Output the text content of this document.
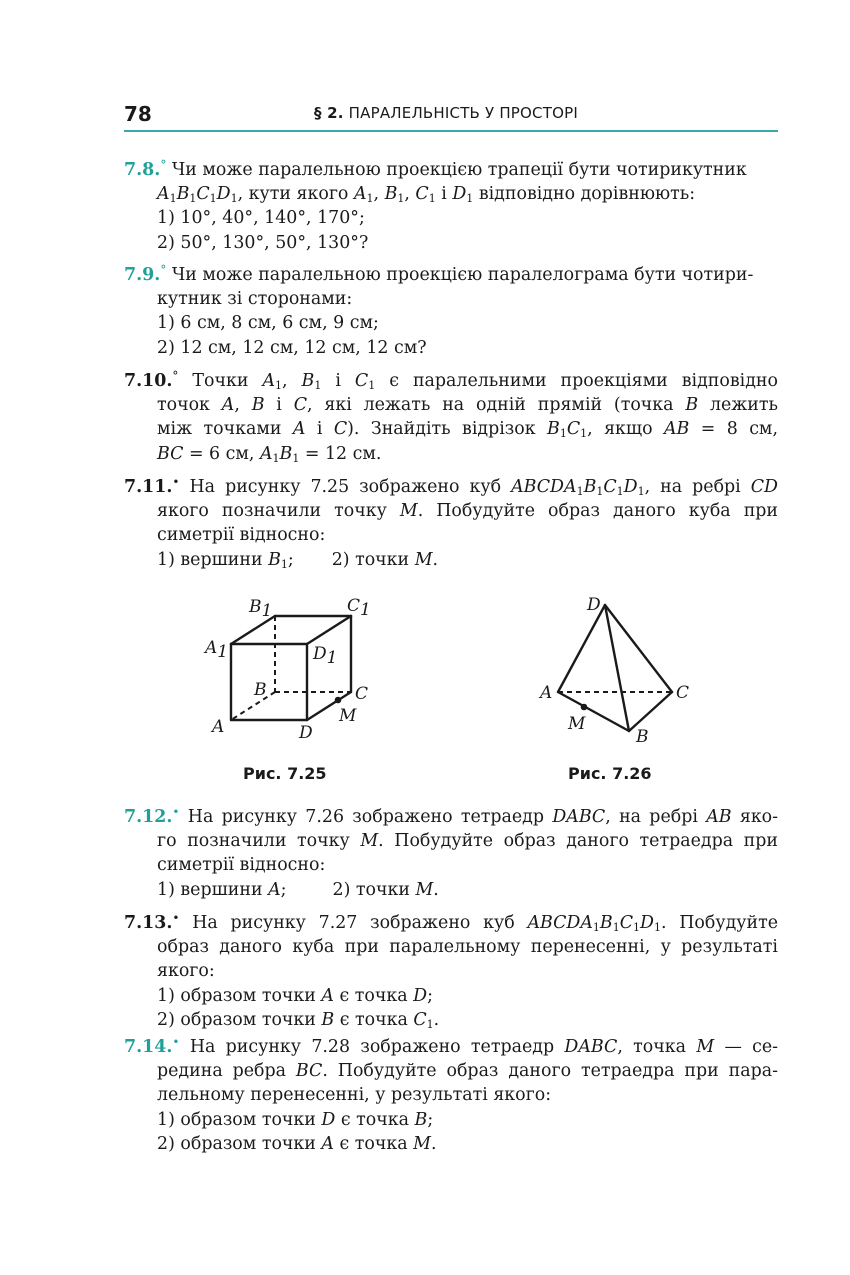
78	§ 2. ПАРАЛЕЛЬНІСТЬ У ПРОСТОРІ
7.8.° Чи може паралельною проекцією трапеції бути чотирикутник
$A_1B_1C_1D_1$, кути якого $A_1$, $B_1$, $C_1$ і $D_1$ відповідно дорівнюють:
1) 10°, 40°, 140°, 170°;
2) 50°, 130°, 50°, 130°?
7.9.° Чи може паралельною проекцією паралелограма бути чотири-
кутник зі сторонами:
1) 6 см, 8 см, 6 см, 9 см;
2) 12 см, 12 см, 12 см, 12 см?
7.10.° Точки $A_1$, $B_1$ і $C_1$ є паралельними проекціями відповідно
точок A, B і C, які лежать на одній прямій (точка B лежить
між точками A і C). Знайдіть відрізок $B_1C_1$, якщо AB = 8 см,
BC = 6 см, $A_1B_1 = 12$ см.
7.11.• На рисунку 7.25 зображено куб $ABCDA_1B_1C_1D_1$, на ребрі CD
якого позначили точку M. Побудуйте образ даного куба при
симетрії відносно:
1) вершини $B_1$; 2) точки M.
B1	C1
A1	D1
B	C
M
A	D
Рис. 7.25
D
A	C
M
B
Рис. 7.26
7.12.• На рисунку 7.26 зображено тетраедр DABC, на ребрі AB яко-
го позначили точку M. Побудуйте образ даного тетраедра при
симетрії відносно:
1) вершини A;	2) точки M.
7.13.• На рисунку 7.27 зображено куб $ABCDA_1B_1C_1D_1$. Побудуйте
образ даного куба при паралельному перенесенні, у результаті
якого:
1) образом точки A є точка D;
2) образом точки B є точка $C_1$.
7.14.• На рисунку 7.28 зображено тетраедр DABC, точка M — се-
редина ребра BC. Побудуйте образ даного тетраедра при пара-
лельному перенесенні, у результаті якого:
1) образом точки D є точка B;
2) образом точки A є точка M.
